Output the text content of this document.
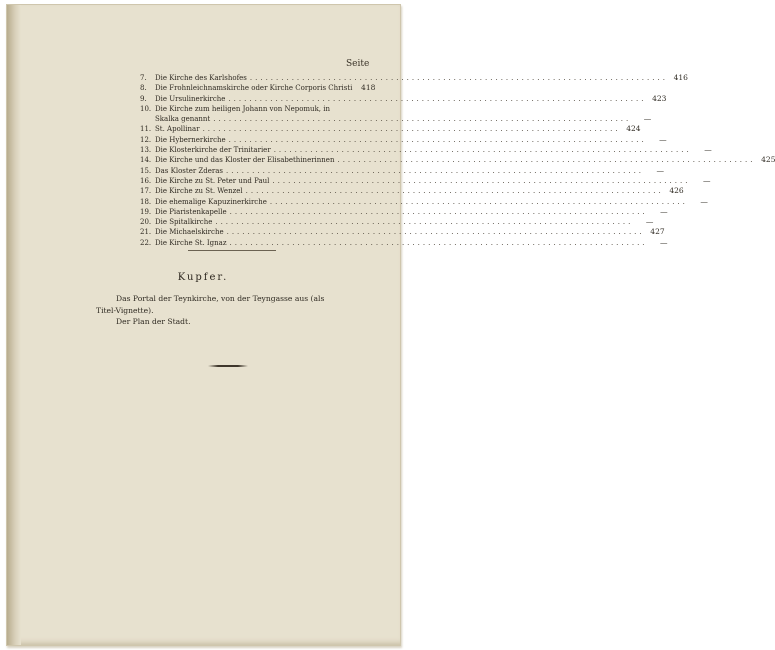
Seite
7.	Die Kirche des Karlshofes ................................................................................ 416
8.	Die Frohnleichnamskirche oder Kirche Corporis Christi	418
9.	Die Ursulinerkirche ................................................................................ 423
10. Die Kirche zum heiligen Johann von Nepomuk, in
Skalka genannt ................................................................................	—
11. St. Apollinar ................................................................................ 424
12. Die Hybernerkirche ................................................................................	—
13. Die Klosterkirche der Trinitarier ................................................................................	—
14. Die Kirche und das Kloster der Elisabethinerinnen ................................................................................ 425
15. Das Kloster Zderas ................................................................................	—
16. Die Kirche zu St. Peter und Paul ................................................................................	—
17. Die Kirche zu St. Wenzel ................................................................................ 426
18. Die ehemalige Kapuzinerkirche ................................................................................	—
19. Die Piaristenkapelle ................................................................................	—
20. Die Spitalkirche ................................................................................	—
21. Die Michaelskirche ................................................................................ 427
22. Die Kirche St. Ignaz ................................................................................	—
Kupfer.
Das Portal der Teynkirche, von der Teyngasse aus (als
Titel-Vignette).
Der Plan der Stadt.
